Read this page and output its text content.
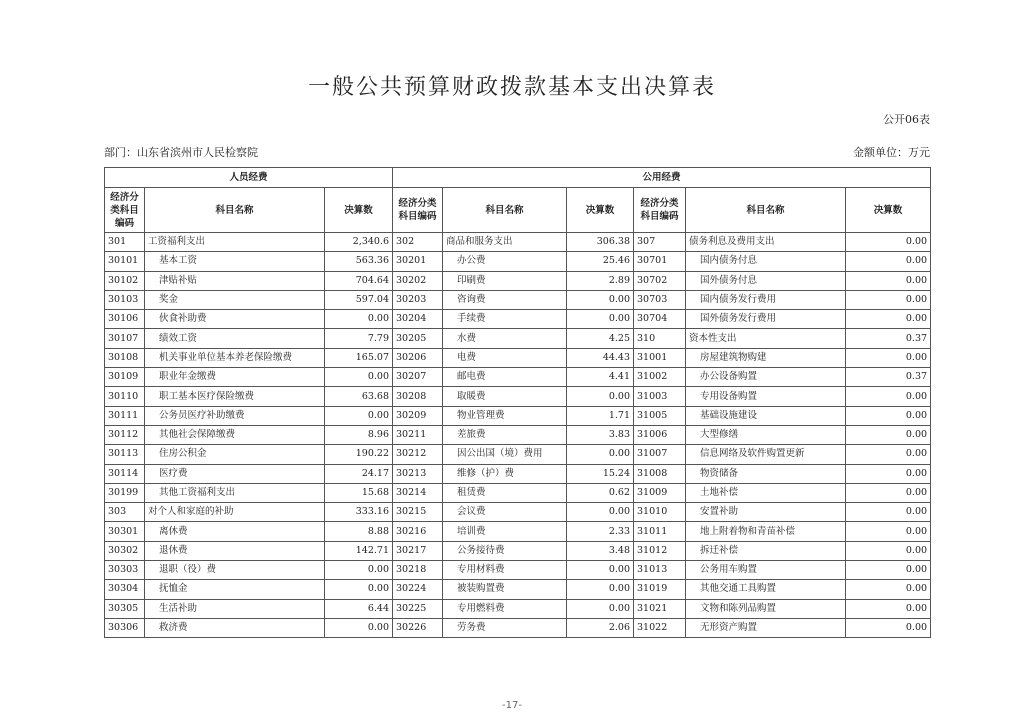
一般公共预算财政拨款基本支出决算表
公开06表
部门：山东省滨州市人民检察院	金额单位：万元
人员经费			公用经费					
经济分类科目编码	科目名称	决算数	经济分类科目编码	科目名称	决算数	经济分类科目编码	科目名称	决算数
301	工资福利支出	2,340.6	302	商品和服务支出	306.38	307	债务利息及费用支出	0.00
30101	基本工资	563.36	30201	办公费	25.46	30701	国内债务付息	0.00
30102	津贴补贴	704.64	30202	印刷费	2.89	30702	国外债务付息	0.00
30103	奖金	597.04	30203	咨询费	0.00	30703	国内债务发行费用	0.00
30106	伙食补助费	0.00	30204	手续费	0.00	30704	国外债务发行费用	0.00
30107	绩效工资	7.79	30205	水费	4.25	310	资本性支出	0.37
30108	机关事业单位基本养老保险缴费	165.07	30206	电费	44.43	31001	房屋建筑物购建	0.00
30109	职业年金缴费	0.00	30207	邮电费	4.41	31002	办公设备购置	0.37
30110	职工基本医疗保险缴费	63.68	30208	取暖费	0.00	31003	专用设备购置	0.00
30111	公务员医疗补助缴费	0.00	30209	物业管理费	1.71	31005	基础设施建设	0.00
30112	其他社会保障缴费	8.96	30211	差旅费	3.83	31006	大型修缮	0.00
30113	住房公积金	190.22	30212	因公出国（境）费用	0.00	31007	信息网络及软件购置更新	0.00
30114	医疗费	24.17	30213	维修（护）费	15.24	31008	物资储备	0.00
30199	其他工资福利支出	15.68	30214	租赁费	0.62	31009	土地补偿	0.00
303	对个人和家庭的补助	333.16	30215	会议费	0.00	31010	安置补助	0.00
30301	离休费	8.88	30216	培训费	2.33	31011	地上附着物和青苗补偿	0.00
30302	退休费	142.71	30217	公务接待费	3.48	31012	拆迁补偿	0.00
30303	退职（役）费	0.00	30218	专用材料费	0.00	31013	公务用车购置	0.00
30304	抚恤金	0.00	30224	被装购置费	0.00	31019	其他交通工具购置	0.00
30305	生活补助	6.44	30225	专用燃料费	0.00	31021	文物和陈列品购置	0.00
30306	救济费	0.00	30226	劳务费	2.06	31022	无形资产购置	0.00
-17-
